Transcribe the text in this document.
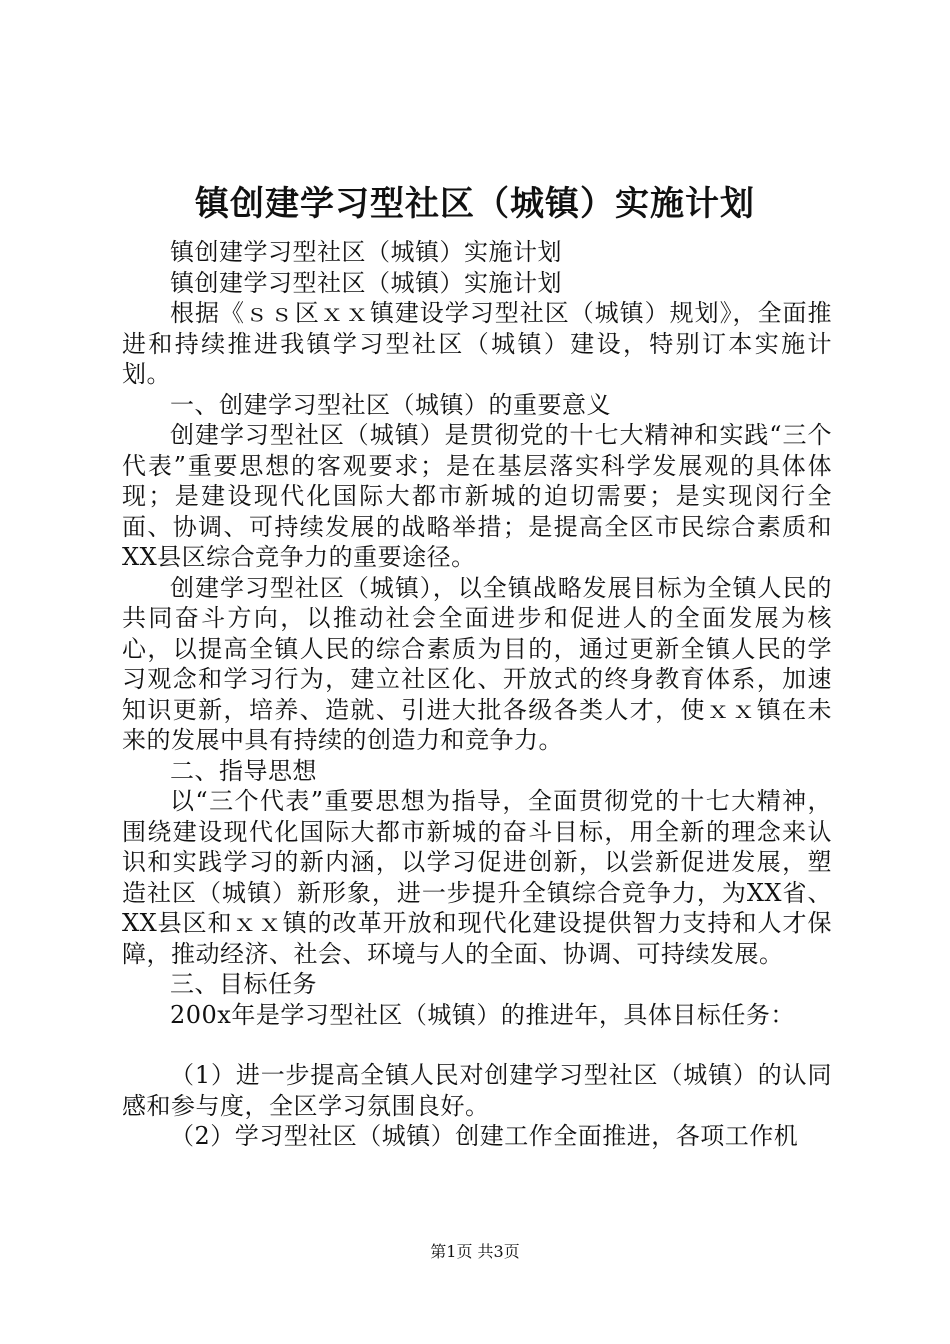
镇创建学习型社区（城镇）实施计划

镇创建学习型社区（城镇）实施计划

镇创建学习型社区（城镇）实施计划

根据《ｓｓ区ｘｘ镇建设学习型社区（城镇）规划》，全面推进和持续推进我镇学习型社区（城镇）建设，特别订本实施计划。

一、创建学习型社区（城镇）的重要意义

创建学习型社区（城镇）是贯彻党的十七大精神和实践“三个代表”重要思想的客观要求；是在基层落实科学发展观的具体体现；是建设现代化国际大都市新城的迫切需要；是实现闵行全面、协调、可持续发展的战略举措；是提高全区市民综合素质和XX县区综合竞争力的重要途径。

创建学习型社区（城镇），以全镇战略发展目标为全镇人民的共同奋斗方向，以推动社会全面进步和促进人的全面发展为核心，以提高全镇人民的综合素质为目的，通过更新全镇人民的学习观念和学习行为，建立社区化、开放式的终身教育体系，加速知识更新，培养、造就、引进大批各级各类人才，使ｘｘ镇在未来的发展中具有持续的创造力和竞争力。

二、指导思想

以“三个代表”重要思想为指导，全面贯彻党的十七大精神，围绕建设现代化国际大都市新城的奋斗目标，用全新的理念来认识和实践学习的新内涵，以学习促进创新，以尝新促进发展，塑造社区（城镇）新形象，进一步提升全镇综合竞争力，为XX省、XX县区和ｘｘ镇的改革开放和现代化建设提供智力支持和人才保障，推动经济、社会、环境与人的全面、协调、可持续发展。

三、目标任务

200x年是学习型社区（城镇）的推进年，具体目标任务：

（1）进一步提高全镇人民对创建学习型社区（城镇）的认同感和参与度，全区学习氛围良好。

（2）学习型社区（城镇）创建工作全面推进，各项工作机

第1页 共3页
